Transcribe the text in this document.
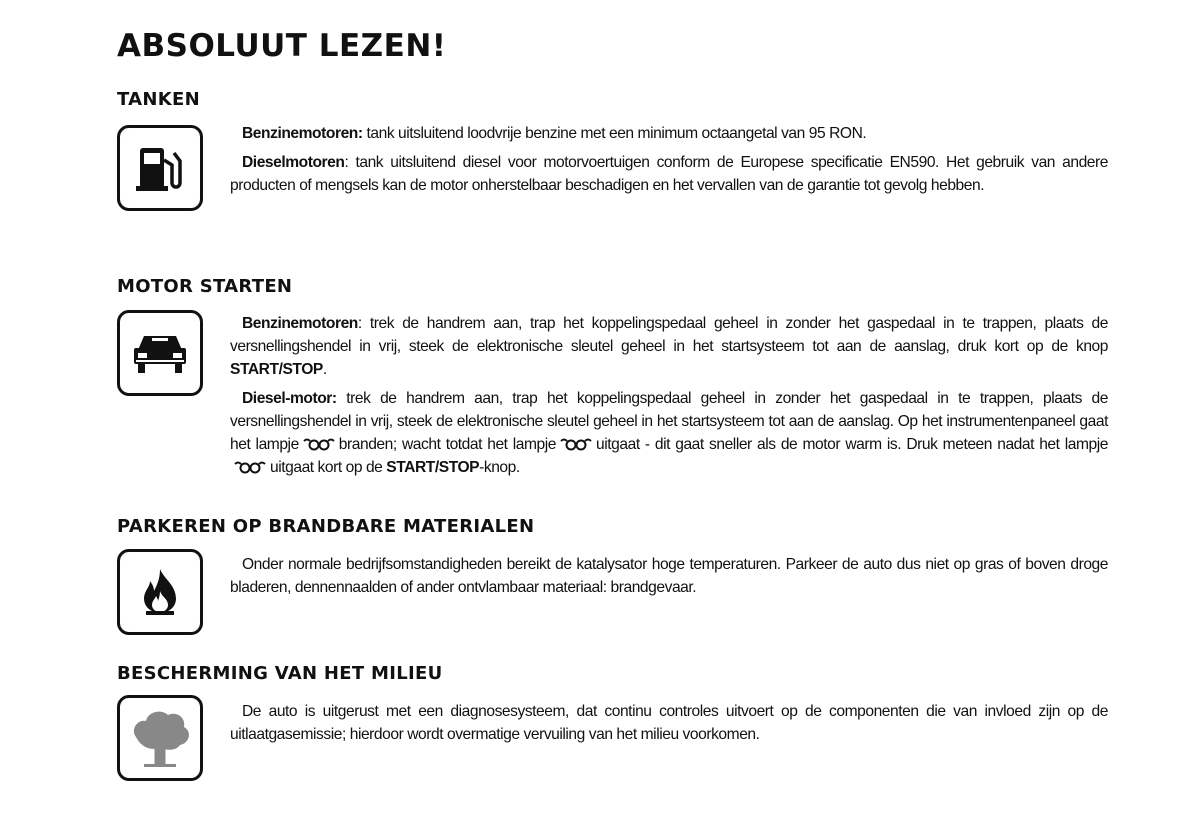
ABSOLUUT LEZEN!
TANKEN

Benzinemotoren: tank uitsluitend loodvrije benzine met een minimum octaangetal van 95 RON.

Dieselmotoren: tank uitsluitend diesel voor motorvoertuigen conform de Europese specificatie EN590. Het gebruik van andere producten of mengsels kan de motor onherstelbaar beschadigen en het vervallen van de garantie tot gevolg hebben.

MOTOR STARTEN

Benzinemotoren: trek de handrem aan, trap het koppelingspedaal geheel in zonder het gaspedaal in te trappen, plaats de versnellingshendel in vrij, steek de elektronische sleutel geheel in het startsysteem tot aan de aanslag, druk kort op de knop START/STOP.

Diesel-motor: trek de handrem aan, trap het koppelingspedaal geheel in zonder het gaspedaal in te trappen, plaats de versnellingshendel in vrij, steek de elektronische sleutel geheel in het startsysteem tot aan de aanslag. Op het instrumentenpaneel gaat het lampje	branden; wacht totdat het lampje	uitgaat - dit gaat sneller als de motor warm is. Druk meteen nadat het lampjeuitgaat kort op de START/STOP-knop.

PARKEREN OP BRANDBARE MATERIALEN

Onder normale bedrijfsomstandigheden bereikt de katalysator hoge temperaturen. Parkeer de auto dus niet op gras of boven droge bladeren, dennennaalden of ander ontvlambaar materiaal: brandgevaar.

BESCHERMING VAN HET MILIEU

De auto is uitgerust met een diagnosesysteem, dat continu controles uitvoert op de componenten die van invloed zijn op de uitlaatgasemissie; hierdoor wordt overmatige vervuiling van het milieu voorkomen.
